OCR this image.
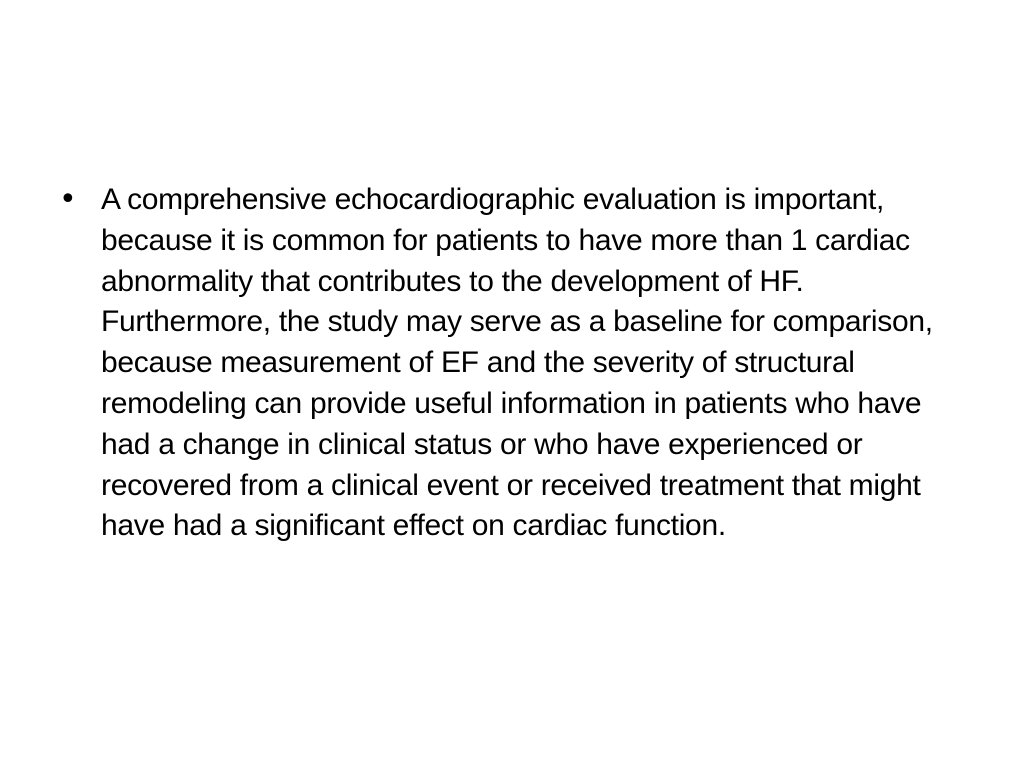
• A comprehensive echocardiographic evaluation is important, because it is common for patients to have more than 1 cardiac abnormality that contributes to the development of HF. Furthermore, the study may serve as a baseline for comparison, because measurement of EF and the severity of structural remodeling can provide useful information in patients who have had a change in clinical status or who have experienced or recovered from a clinical event or received treatment that might have had a significant effect on cardiac function.
